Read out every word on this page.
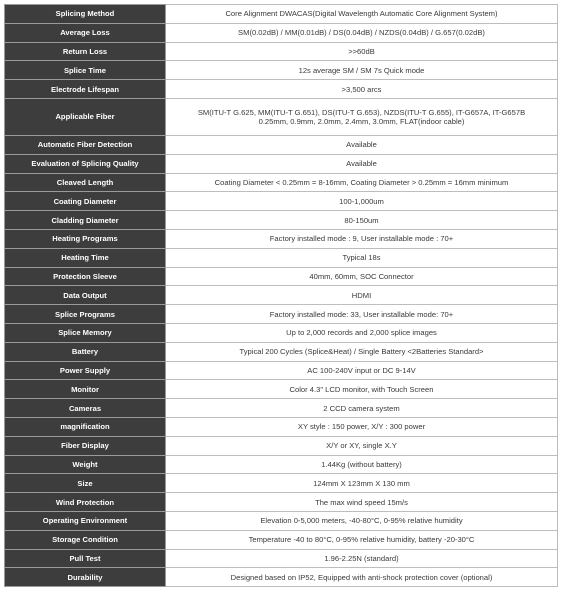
Splicing Method	Core Alignment DWACAS(Digital Wavelength Automatic Core Alignment System)

Average Loss	SM(0.02dB) / MM(0.01dB) / DS(0.04dB) / NZDS(0.04dB) / G.657(0.02dB)

Return Loss	>>60dB

Splice Time	12s average SM / SM 7s Quick mode

Electrode Lifespan	>3,500 arcs

Applicable Fiber	SM(ITU-T G.625, MM(ITU-T G.651), DS(ITU-T G.653), NZDS(ITU-T G.655), IT-G657A, IT-G657B
0.25mm, 0.9mm, 2.0mm, 2.4mm, 3.0mm, FLAT(indoor cable)

Automatic Fiber Detection	Available

Evaluation of Splicing Quality	Available

Cleaved Length	Coating Diameter < 0.25mm = 8-16mm, Coating Diameter > 0.25mm = 16mm minimum

Coating Diameter	100-1,000um

Cladding Diameter	80-150um

Heating Programs	Factory installed mode : 9, User installable mode : 70+

Heating Time	Typical 18s

Protection Sleeve	40mm, 60mm, SOC Connector

Data Output	HDMI

Splice Programs	Factory installed mode: 33, User installable mode: 70+

Splice Memory	Up to 2,000 records and 2,000 splice images

Battery	Typical 200 Cycles (Splice&Heat) / Single Battery <2Batteries Standard>

Power Supply	AC 100-240V input or DC 9-14V

Monitor	Color 4.3" LCD monitor, with Touch Screen

Cameras	2 CCD camera system

magnification	XY style : 150 power, X/Y : 300 power

Fiber Display	X/Y or XY, single X.Y

Weight	1.44Kg (without battery)

Size	124mm X 123mm X 130 mm

Wind Protection	The max wind speed 15m/s

Operating Environment	Elevation 0-5,000 meters, -40-80°C, 0-95% relative humidity

Storage Condition	Temperature -40 to 80°C, 0-95% relative humidity, battery -20-30°C

Pull Test	1.96-2.25N (standard)

Durability	Designed based on IP52, Equipped with anti-shock protection cover (optional)
